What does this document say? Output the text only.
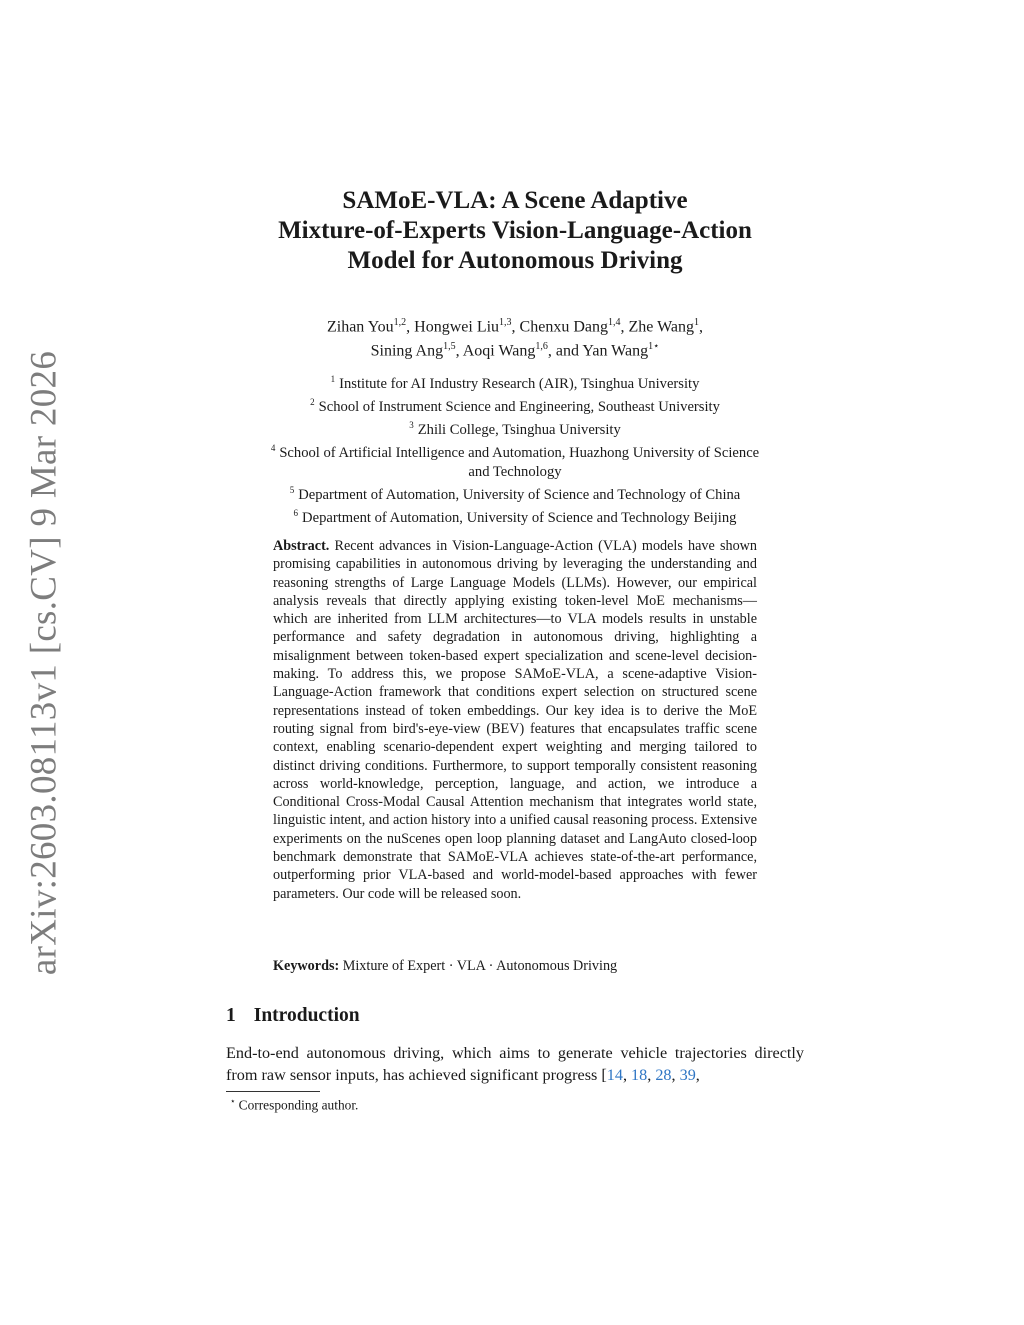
arXiv:2603.08113v1 [cs.CV] 9 Mar 2026
SAMoE-VLA: A Scene Adaptive
Mixture-of-Experts Vision-Language-Action
Model for Autonomous Driving
Zihan You$^{1,2}$, Hongwei Liu$^{1,3}$, Chenxu Dang$^{1,4}$, Zhe Wang$^1$,
Sining Ang$^{1,5}$, Aoqi Wang$^{1,6}$, and Yan Wang$^{1⋆}$
$^1$ Institute for AI Industry Research (AIR), Tsinghua University
$^2$ School of Instrument Science and Engineering, Southeast University
$^3$ Zhili College, Tsinghua University
$^4$ School of Artificial Intelligence and Automation, Huazhong University of Science
and Technology
$^5$ Department of Automation, University of Science and Technology of China
$^6$ Department of Automation, University of Science and Technology Beijing
Abstract. Recent advances in Vision-Language-Action (VLA) models have shown promising capabilities in autonomous driving by leveraging the understanding and reasoning strengths of Large Language Models (LLMs). However, our empirical analysis reveals that directly applying existing token-level MoE mechanisms—which are inherited from LLM architectures—to VLA models results in unstable performance and safety degradation in autonomous driving, highlighting a misalignment between token-based expert specialization and scene-level decision-making. To address this, we propose SAMoE-VLA, a scene-adaptive Vision-Language-Action framework that conditions expert selection on structured scene representations instead of token embeddings. Our key idea is to derive the MoE routing signal from bird's-eye-view (BEV) features that encapsulates traffic scene context, enabling scenario-dependent expert weighting and merging tailored to distinct driving conditions. Furthermore, to support temporally consistent reasoning across world-knowledge, perception, language, and action, we introduce a Conditional Cross-Modal Causal Attention mechanism that integrates world state, linguistic intent, and action history into a unified causal reasoning process. Extensive experiments on the nuScenes open loop planning dataset and LangAuto closed-loop benchmark demonstrate that SAMoE-VLA achieves state-of-the-art performance, outperforming prior VLA-based and world-model-based approaches with fewer parameters. Our code will be released soon.
Keywords: Mixture of Expert · VLA · Autonomous Driving
1 Introduction
End-to-end autonomous driving, which aims to generate vehicle trajectories directly from raw sensor inputs, has achieved significant progress [14, 18, 28, 39,
⋆ Corresponding author.
